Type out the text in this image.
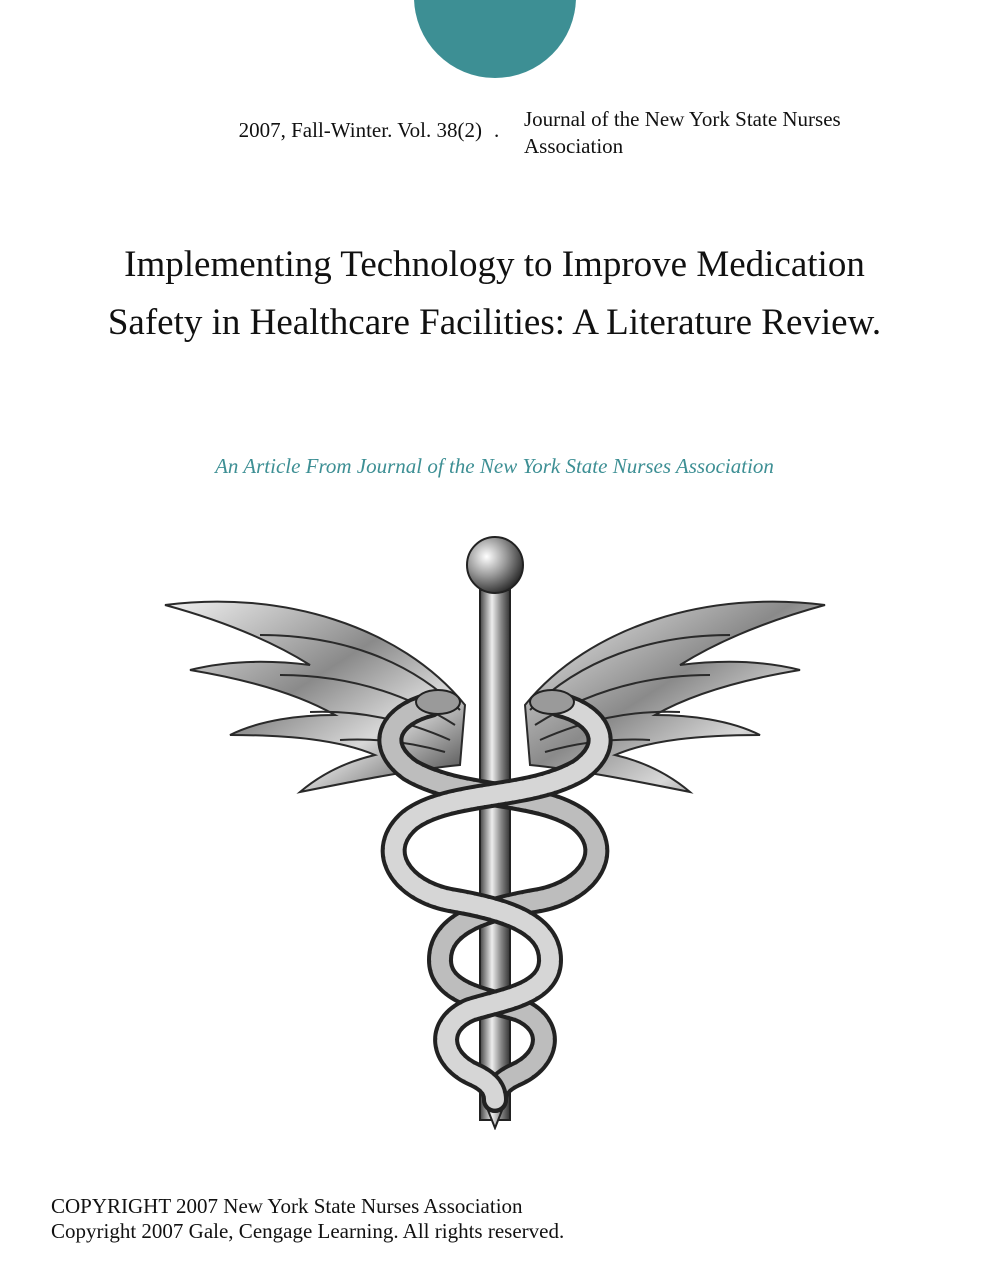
2007, Fall-Winter. Vol. 38(2) . Journal of the New York State Nurses Association
Implementing Technology to Improve Medication Safety in Healthcare Facilities: A Literature Review.
An Article From Journal of the New York State Nurses Association
COPYRIGHT 2007 New York State Nurses Association
Copyright 2007 Gale, Cengage Learning. All rights reserved.
